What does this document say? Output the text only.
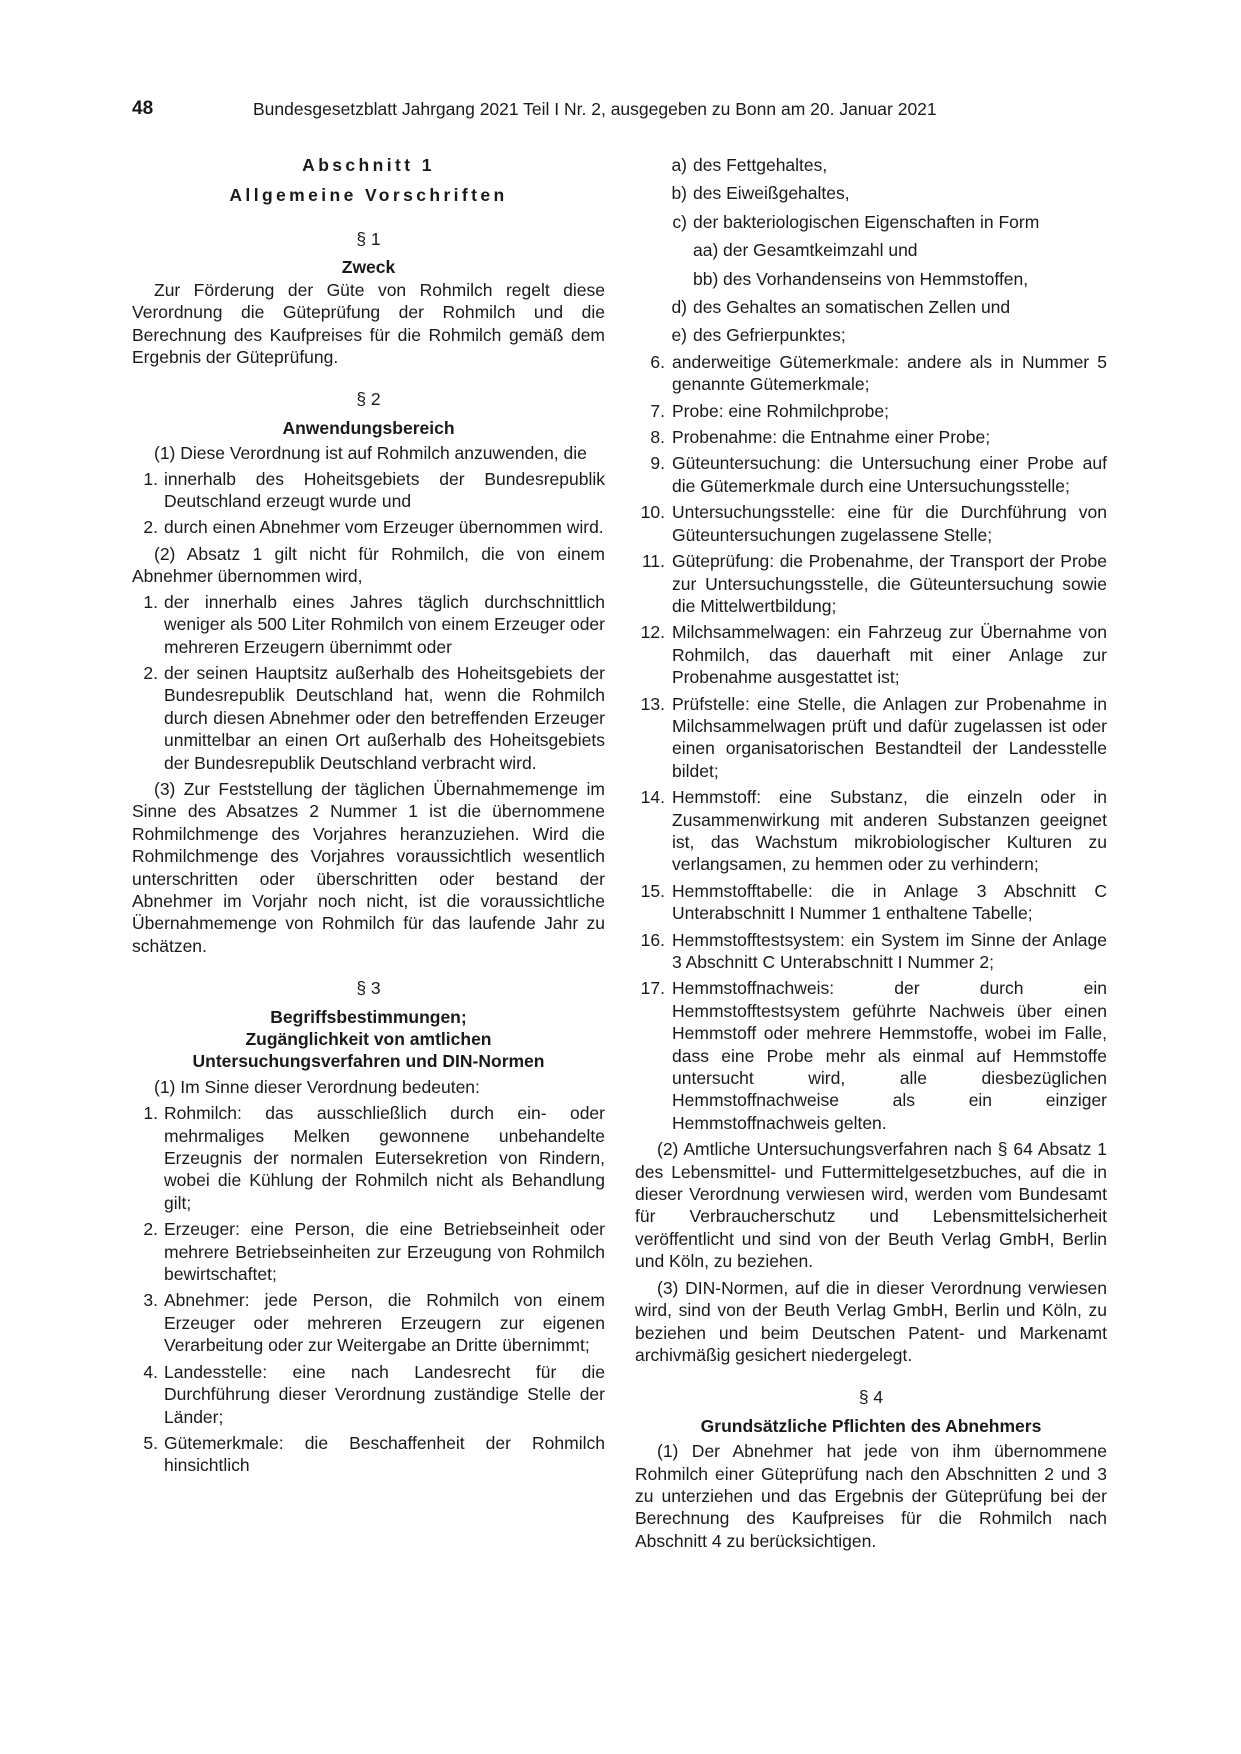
48	Bundesgesetzblatt Jahrgang 2021 Teil I Nr. 2, ausgegeben zu Bonn am 20. Januar 2021
Abschnitt 1
Allgemeine Vorschriften
§ 1
Zweck

Zur Förderung der Güte von Rohmilch regelt diese Verordnung die Güteprüfung der Rohmilch und die Berechnung des Kaufpreises für die Rohmilch gemäß dem Ergebnis der Güteprüfung.

§ 2
Anwendungsbereich

(1) Diese Verordnung ist auf Rohmilch anzuwenden, die

1. innerhalb des Hoheitsgebiets der Bundesrepublik Deutschland erzeugt wurde und
2. durch einen Abnehmer vom Erzeuger übernommen wird.

(2) Absatz 1 gilt nicht für Rohmilch, die von einem Abnehmer übernommen wird,

1. der innerhalb eines Jahres täglich durchschnittlich weniger als 500 Liter Rohmilch von einem Erzeuger oder mehreren Erzeugern übernimmt oder
2. der seinen Hauptsitz außerhalb des Hoheitsgebiets der Bundesrepublik Deutschland hat, wenn die Rohmilch durch diesen Abnehmer oder den betreffenden Erzeuger unmittelbar an einen Ort außerhalb des Hoheitsgebiets der Bundesrepublik Deutschland verbracht wird.

(3) Zur Feststellung der täglichen Übernahmemenge im Sinne des Absatzes 2 Nummer 1 ist die übernommene Rohmilchmenge des Vorjahres heranzuziehen. Wird die Rohmilchmenge des Vorjahres voraussichtlich wesentlich unterschritten oder überschritten oder bestand der Abnehmer im Vorjahr noch nicht, ist die voraussichtliche Übernahmemenge von Rohmilch für das laufende Jahr zu schätzen.

§ 3
Begriffsbestimmungen;
Zugänglichkeit von amtlichen
Untersuchungsverfahren und DIN-Normen

(1) Im Sinne dieser Verordnung bedeuten:

1. Rohmilch: das ausschließlich durch ein- oder mehrmaliges Melken gewonnene unbehandelte Erzeugnis der normalen Eutersekretion von Rindern, wobei die Kühlung der Rohmilch nicht als Behandlung gilt;
2. Erzeuger: eine Person, die eine Betriebseinheit oder mehrere Betriebseinheiten zur Erzeugung von Rohmilch bewirtschaftet;
3. Abnehmer: jede Person, die Rohmilch von einem Erzeuger oder mehreren Erzeugern zur eigenen Verarbeitung oder zur Weitergabe an Dritte übernimmt;
4. Landesstelle: eine nach Landesrecht für die Durchführung dieser Verordnung zuständige Stelle der Länder;
5. Gütemerkmale: die Beschaffenheit der Rohmilch hinsichtlich
a) des Fettgehaltes,
b) des Eiweißgehaltes,
c) der bakteriologischen Eigenschaften in Form
aa) der Gesamtkeimzahl und
bb) des Vorhandenseins von Hemmstoffen,
d) des Gehaltes an somatischen Zellen und
e) des Gefrierpunktes;
6. anderweitige Gütemerkmale: andere als in Nummer 5 genannte Gütemerkmale;
7. Probe: eine Rohmilchprobe;
8. Probenahme: die Entnahme einer Probe;
9. Güteuntersuchung: die Untersuchung einer Probe auf die Gütemerkmale durch eine Untersuchungsstelle;
10. Untersuchungsstelle: eine für die Durchführung von Güteuntersuchungen zugelassene Stelle;
11. Güteprüfung: die Probenahme, der Transport der Probe zur Untersuchungsstelle, die Güteuntersuchung sowie die Mittelwertbildung;
12. Milchsammelwagen: ein Fahrzeug zur Übernahme von Rohmilch, das dauerhaft mit einer Anlage zur Probenahme ausgestattet ist;
13. Prüfstelle: eine Stelle, die Anlagen zur Probenahme in Milchsammelwagen prüft und dafür zugelassen ist oder einen organisatorischen Bestandteil der Landesstelle bildet;
14. Hemmstoff: eine Substanz, die einzeln oder in Zusammenwirkung mit anderen Substanzen geeignet ist, das Wachstum mikrobiologischer Kulturen zu verlangsamen, zu hemmen oder zu verhindern;
15. Hemmstofftabelle: die in Anlage 3 Abschnitt C Unterabschnitt I Nummer 1 enthaltene Tabelle;
16. Hemmstofftestsystem: ein System im Sinne der Anlage 3 Abschnitt C Unterabschnitt I Nummer 2;
17. Hemmstoffnachweis: der durch ein Hemmstofftestsystem geführte Nachweis über einen Hemmstoff oder mehrere Hemmstoffe, wobei im Falle, dass eine Probe mehr als einmal auf Hemmstoffe untersucht wird, alle diesbezüglichen Hemmstoffnachweise als ein einziger Hemmstoffnachweis gelten.

(2) Amtliche Untersuchungsverfahren nach § 64 Absatz 1 des Lebensmittel- und Futtermittelgesetzbuches, auf die in dieser Verordnung verwiesen wird, werden vom Bundesamt für Verbraucherschutz und Lebensmittelsicherheit veröffentlicht und sind von der Beuth Verlag GmbH, Berlin und Köln, zu beziehen.

(3) DIN-Normen, auf die in dieser Verordnung verwiesen wird, sind von der Beuth Verlag GmbH, Berlin und Köln, zu beziehen und beim Deutschen Patent- und Markenamt archivmäßig gesichert niedergelegt.

§ 4
Grundsätzliche Pflichten des Abnehmers

(1) Der Abnehmer hat jede von ihm übernommene Rohmilch einer Güteprüfung nach den Abschnitten 2 und 3 zu unterziehen und das Ergebnis der Güteprüfung bei der Berechnung des Kaufpreises für die Rohmilch nach Abschnitt 4 zu berücksichtigen.
